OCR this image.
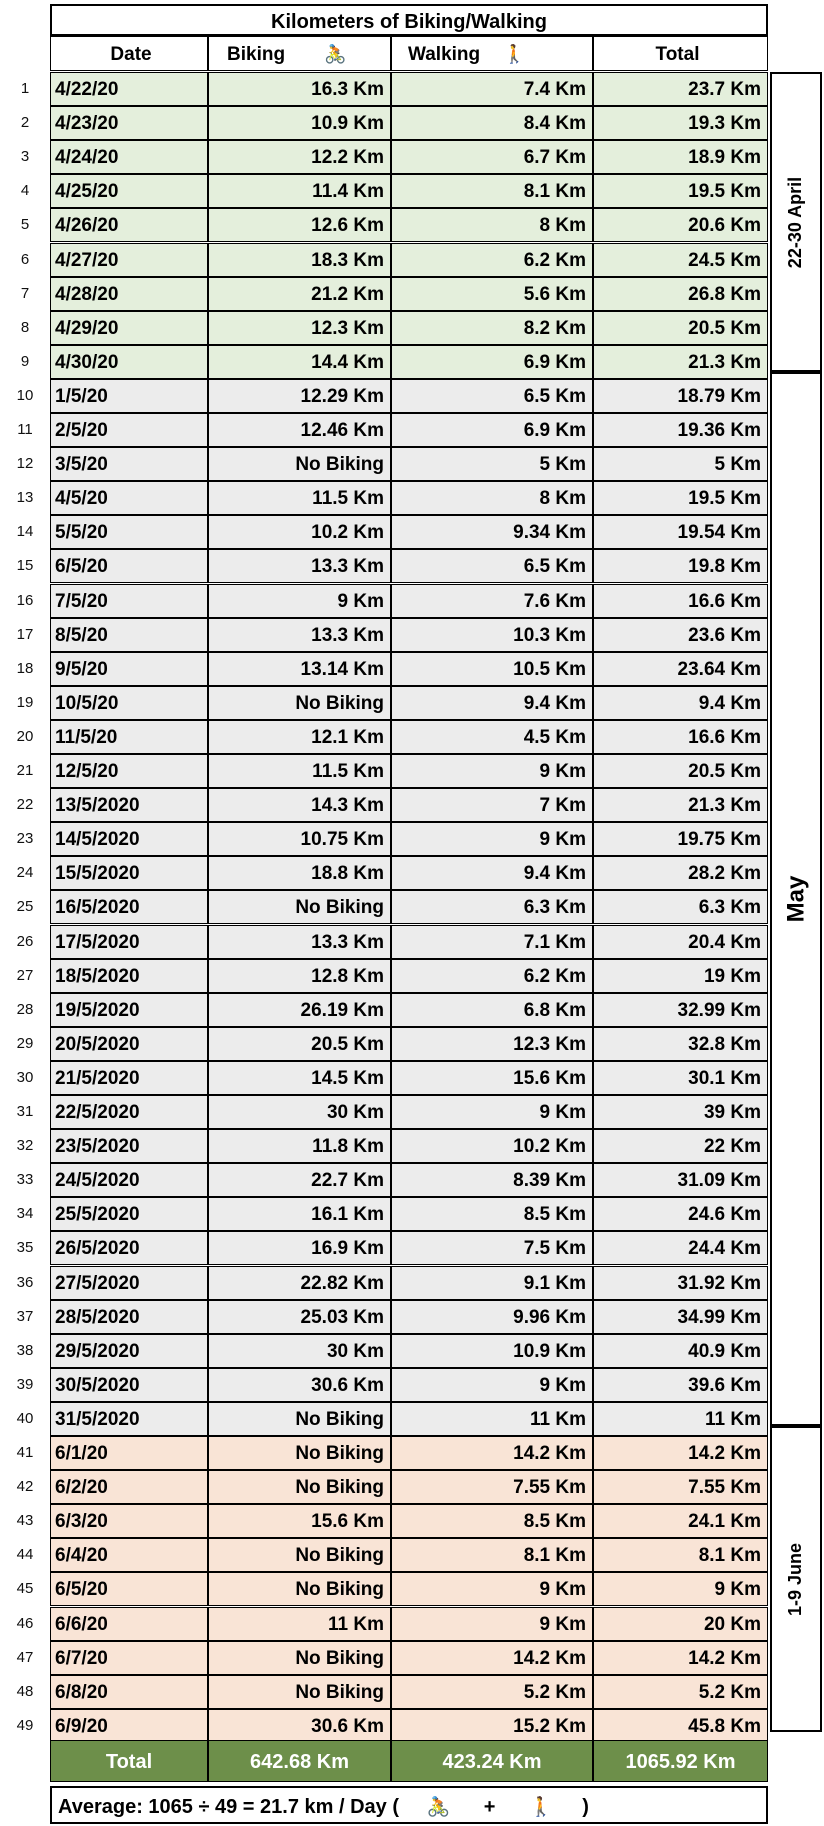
Kilometers of Biking/Walking
Date	Biking 🚴	Walking 🚶	Total
1	4/22/20	16.3 Km	7.4 Km	23.7 Km
2	4/23/20	10.9 Km	8.4 Km	19.3 Km
3	4/24/20	12.2 Km	6.7 Km	18.9 Km
4	4/25/20	11.4 Km	8.1 Km	19.5 Km
5	4/26/20	12.6 Km	8 Km	20.6 Km
6	4/27/20	18.3 Km	6.2 Km	24.5 Km
7	4/28/20	21.2 Km	5.6 Km	26.8 Km
8	4/29/20	12.3 Km	8.2 Km	20.5 Km
9	4/30/20	14.4 Km	6.9 Km	21.3 Km
10	1/5/20	12.29 Km	6.5 Km	18.79 Km
11	2/5/20	12.46 Km	6.9 Km	19.36 Km
12	3/5/20	No Biking	5 Km	5 Km
13	4/5/20	11.5 Km	8 Km	19.5 Km
14	5/5/20	10.2 Km	9.34 Km	19.54 Km
15	6/5/20	13.3 Km	6.5 Km	19.8 Km
16	7/5/20	9 Km	7.6 Km	16.6 Km
17	8/5/20	13.3 Km	10.3 Km	23.6 Km
18	9/5/20	13.14 Km	10.5 Km	23.64 Km
19	10/5/20	No Biking	9.4 Km	9.4 Km
20	11/5/20	12.1 Km	4.5 Km	16.6 Km
21	12/5/20	11.5 Km	9 Km	20.5 Km
22	13/5/2020	14.3 Km	7 Km	21.3 Km
23	14/5/2020	10.75 Km	9 Km	19.75 Km
24	15/5/2020	18.8 Km	9.4 Km	28.2 Km
25	16/5/2020	No Biking	6.3 Km	6.3 Km
26	17/5/2020	13.3 Km	7.1 Km	20.4 Km
27	18/5/2020	12.8 Km	6.2 Km	19 Km
28	19/5/2020	26.19 Km	6.8 Km	32.99 Km
29	20/5/2020	20.5 Km	12.3 Km	32.8 Km
30	21/5/2020	14.5 Km	15.6 Km	30.1 Km
31	22/5/2020	30 Km	9 Km	39 Km
32	23/5/2020	11.8 Km	10.2 Km	22 Km
33	24/5/2020	22.7 Km	8.39 Km	31.09 Km
34	25/5/2020	16.1 Km	8.5 Km	24.6 Km
35	26/5/2020	16.9 Km	7.5 Km	24.4 Km
36	27/5/2020	22.82 Km	9.1 Km	31.92 Km
37	28/5/2020	25.03 Km	9.96 Km	34.99 Km
38	29/5/2020	30 Km	10.9 Km	40.9 Km
39	30/5/2020	30.6 Km	9 Km	39.6 Km
40	31/5/2020	No Biking	11 Km	11 Km
41	6/1/20	No Biking	14.2 Km	14.2 Km
42	6/2/20	No Biking	7.55 Km	7.55 Km
43	6/3/20	15.6 Km	8.5 Km	24.1 Km
44	6/4/20	No Biking	8.1 Km	8.1 Km
45	6/5/20	No Biking	9 Km	9 Km
46	6/6/20	11 Km	9 Km	20 Km
47	6/7/20	No Biking	14.2 Km	14.2 Km
48	6/8/20	No Biking	5.2 Km	5.2 Km
49	6/9/20	30.6 Km	15.2 Km	45.8 Km
22-30 April
May
1-9 June
Total	642.68 Km	423.24 Km	1065.92 Km
Average: 1065 ÷ 49 = 21.7 km / Day ( 🚴 + 🚶 )
